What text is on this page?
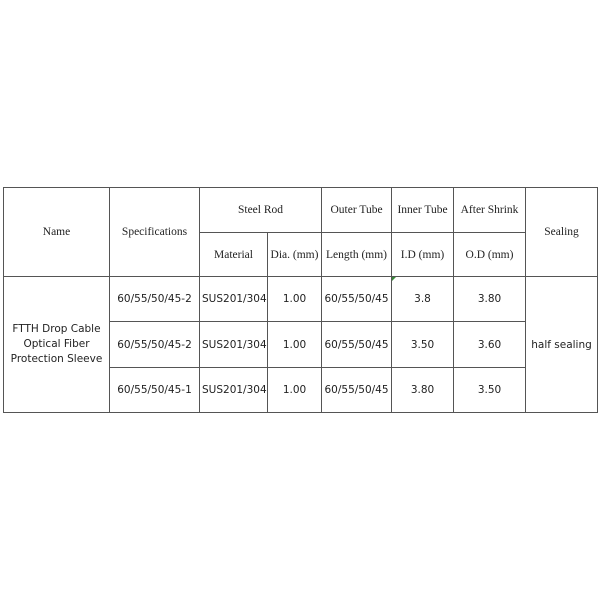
Name	Specifications	Steel Rod		Outer Tube	Inner Tube	After Shrink	Sealing
		Material	Dia. (mm)	Length (mm)	I.D (mm)	O.D (mm)	

FTTH Drop Cable
Optical Fiber
Protection Sleeve	60/55/50/45-2	SUS201/304	1.00	60/55/50/45	3.8	3.80	half sealing
	60/55/50/45-2	SUS201/304	1.00	60/55/50/45	3.50	3.60	
	60/55/50/45-1	SUS201/304	1.00	60/55/50/45	3.80	3.50	
